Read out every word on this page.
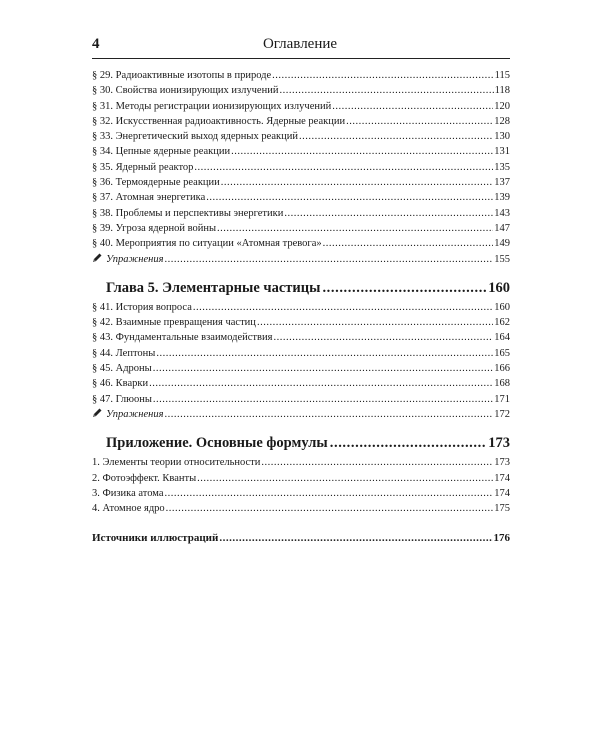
4	Оглавление
§ 29. Радиоактивные изотопы в природе .....	115
§ 30. Свойства ионизирующих излучений .....	118
§ 31. Методы регистрации ионизирующих излучений .....	120
§ 32. Искусственная радиоактивность. Ядерные реакции .....	128
§ 33. Энергетический выход ядерных реакций .....	130
§ 34. Цепные ядерные реакции .....	131
§ 35. Ядерный реактор .....	135
§ 36. Термоядерные реакции .....	137
§ 37. Атомная энергетика .....	139
§ 38. Проблемы и перспективы энергетики .....	143
§ 39. Угроза ядерной войны .....	147
§ 40. Мероприятия по ситуации «Атомная тревога» .....	149
Упражнения .....	155
Глава 5. Элементарные частицы .....	160
§ 41. История вопроса .....	160
§ 42. Взаимные превращения частиц .....	162
§ 43. Фундаментальные взаимодействия .....	164
§ 44. Лептоны .....	165
§ 45. Адроны .....	166
§ 46. Кварки .....	168
§ 47. Глюоны .....	171
Упражнения .....	172
Приложение. Основные формулы .....	173
1. Элементы теории относительности .....	173
2. Фотоэффект. Кванты .....	174
3. Физика атома .....	174
4. Атомное ядро .....	175
Источники иллюстраций .....	176
